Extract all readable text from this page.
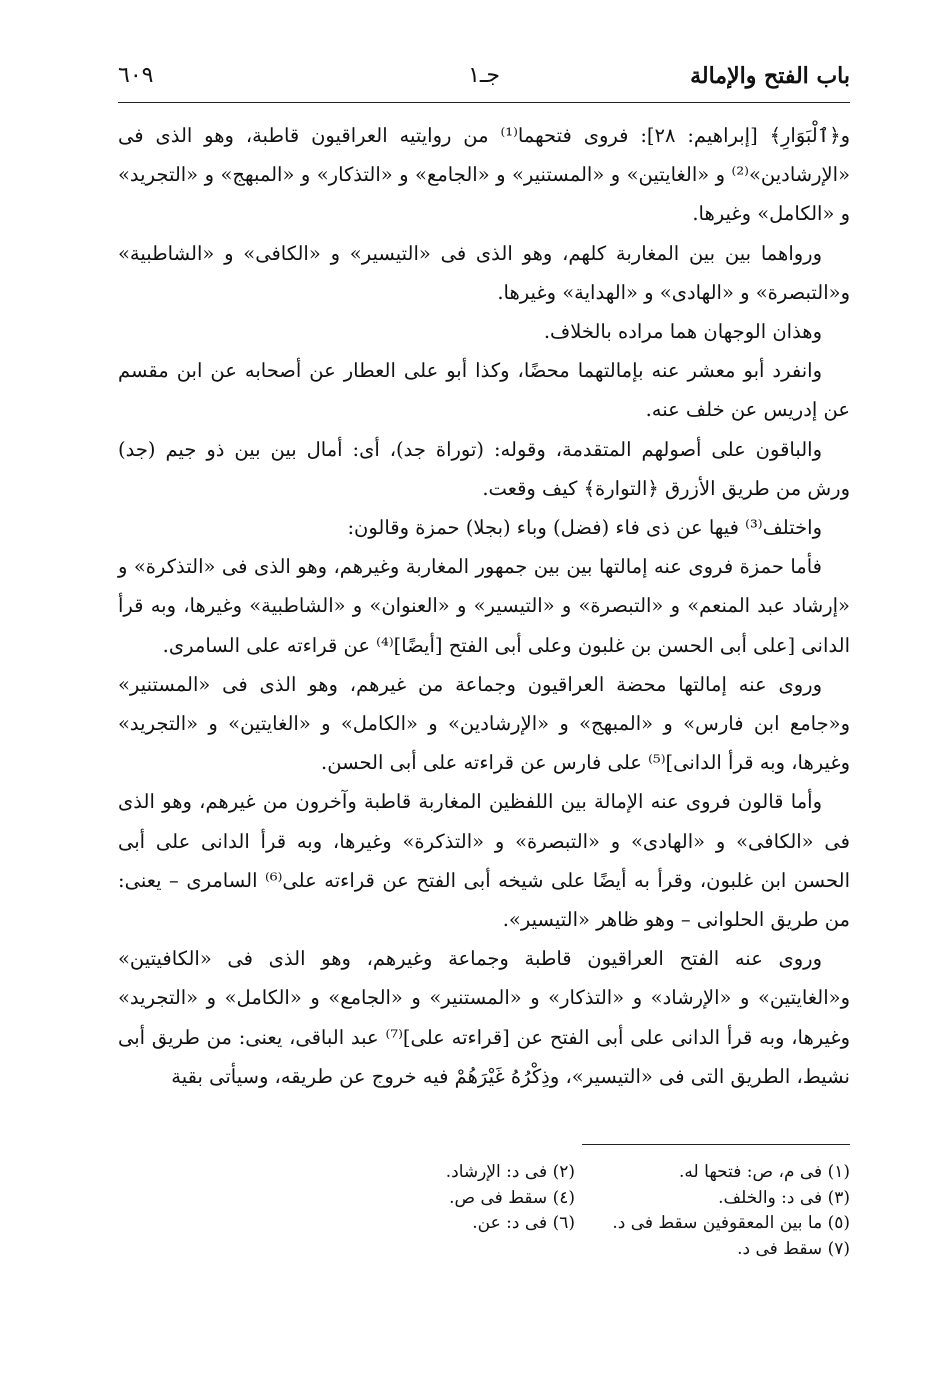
باب الفتح والإمالة
جـ١
٦٠٩

و﴿ٱلْبَوَارِ﴾ [إبراهيم: ٢٨]: فروى فتحهما⁽¹⁾ من روايتيه العراقيون قاطبة، وهو الذى فى «الإرشادين»⁽²⁾ و «الغايتين» و «المستنير» و «الجامع» و «التذكار» و «المبهج» و «التجريد» و «الكامل» وغيرها.

ورواهما بين بين المغاربة كلهم، وهو الذى فى «التيسير» و «الكافى» و «الشاطبية» و«التبصرة» و «الهادى» و «الهداية» وغيرها.

وهذان الوجهان هما مراده بالخلاف.

وانفرد أبو معشر عنه بإمالتهما محضًا، وكذا أبو على العطار عن أصحابه عن ابن مقسم عن إدريس عن خلف عنه.

والباقون على أصولهم المتقدمة، وقوله: (توراة جد)، أى: أمال بين بين ذو جيم (جد) ورش من طريق الأزرق ﴿التوارة﴾ كيف وقعت.

واختلف⁽³⁾ فيها عن ذى فاء (فضل) وباء (بجلا) حمزة وقالون:

فأما حمزة فروى عنه إمالتها بين بين جمهور المغاربة وغيرهم، وهو الذى فى «التذكرة» و «إرشاد عبد المنعم» و «التبصرة» و «التيسير» و «العنوان» و «الشاطبية» وغيرها، وبه قرأ الدانى [على أبى الحسن بن غلبون وعلى أبى الفتح [أيضًا]⁽⁴⁾ عن قراءته على السامرى.

وروى عنه إمالتها محضة العراقيون وجماعة من غيرهم، وهو الذى فى «المستنير» و«جامع ابن فارس» و «المبهج» و «الإرشادين» و «الكامل» و «الغايتين» و «التجريد» وغيرها، وبه قرأ الدانى]⁽⁵⁾ على فارس عن قراءته على أبى الحسن.

وأما قالون فروى عنه الإمالة بين اللفظين المغاربة قاطبة وآخرون من غيرهم، وهو الذى فى «الكافى» و «الهادى» و «التبصرة» و «التذكرة» وغيرها، وبه قرأ الدانى على أبى الحسن ابن غلبون، وقرأ به أيضًا على شيخه أبى الفتح عن قراءته على⁽⁶⁾ السامرى – يعنى: من طريق الحلوانى – وهو ظاهر «التيسير».

وروى عنه الفتح العراقيون قاطبة وجماعة وغيرهم، وهو الذى فى «الكافيتين» و«الغايتين» و «الإرشاد» و «التذكار» و «المستنير» و «الجامع» و «الكامل» و «التجريد» وغيرها، وبه قرأ الدانى على أبى الفتح عن [قراءته على]⁽⁷⁾ عبد الباقى، يعنى: من طريق أبى نشيط، الطريق التى فى «التيسير»، وذِكْرُهُ غَيْرَهُمْ فيه خروج عن طريقه، وسيأتى بقية

(١) فى م، ص: فتحها له.
(٢) فى د: الإرشاد.
(٣) فى د: والخلف.
(٤) سقط فى ص.
(٥) ما بين المعقوفين سقط فى د.
(٦) فى د: عن.
(٧) سقط فى د.
